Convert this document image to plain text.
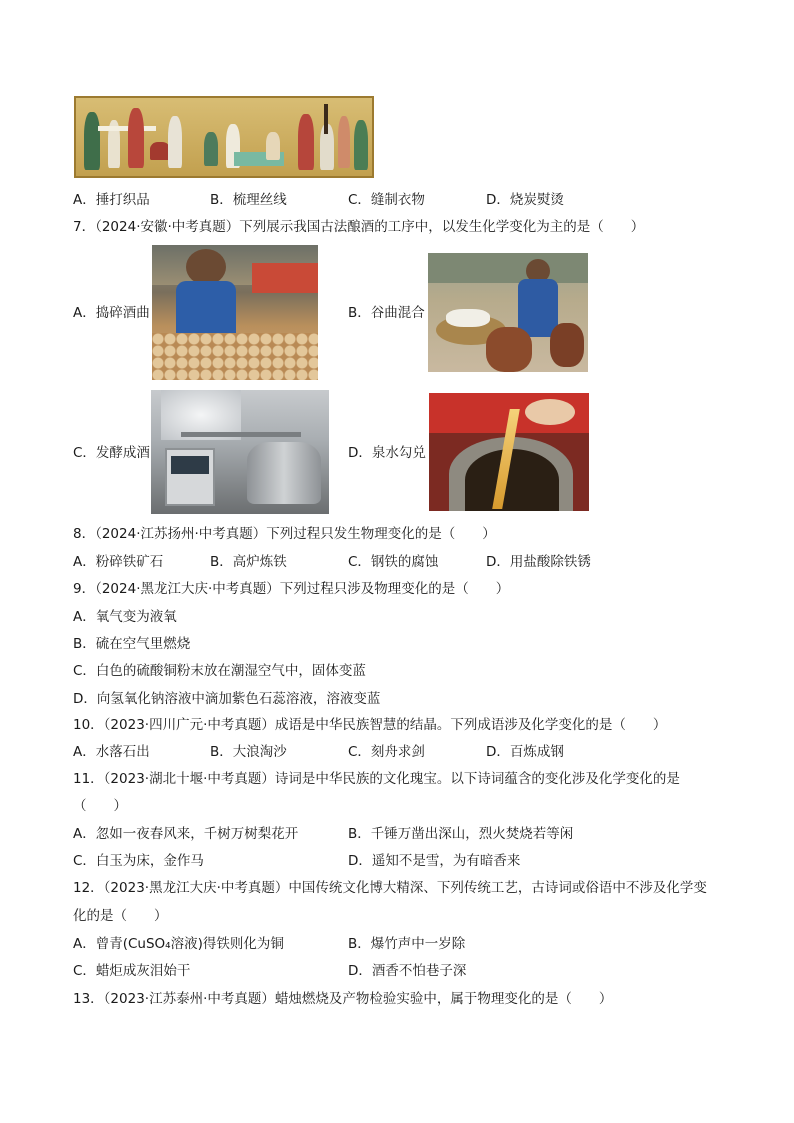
A．捶打织品	B．梳理丝线	C．缝制衣物	D．烧炭熨烫
7．（2024·安徽·中考真题）下列展示我国古法酿酒的工序中，以发生化学变化为主的是（　　）
A．捣碎酒曲	B．谷曲混合
C．发酵成酒	D．泉水勾兑
8．（2024·江苏扬州·中考真题）下列过程只发生物理变化的是（　　）
A．粉碎铁矿石	B．高炉炼铁	C．钢铁的腐蚀	D．用盐酸除铁锈
9．（2024·黑龙江大庆·中考真题）下列过程只涉及物理变化的是（　　）
A．氧气变为液氧
B．硫在空气里燃烧
C．白色的硫酸铜粉末放在潮湿空气中，固体变蓝
D．向氢氧化钠溶液中滴加紫色石蕊溶液，溶液变蓝
10．（2023·四川广元·中考真题）成语是中华民族智慧的结晶。下列成语涉及化学变化的是（　　）
A．水落石出	B．大浪淘沙	C．刻舟求剑	D．百炼成钢
11．（2023·湖北十堰·中考真题）诗词是中华民族的文化瑰宝。以下诗词蕴含的变化涉及化学变化的是
（　　）
A．忽如一夜春风来，千树万树梨花开	B．千锤万凿出深山，烈火焚烧若等闲
C．白玉为床，金作马	D．遥知不是雪，为有暗香来
12．（2023·黑龙江大庆·中考真题）中国传统文化博大精深、下列传统工艺，古诗词或俗语中不涉及化学变
化的是（　　）
A．曾青(CuSO₄溶液)得铁则化为铜	B．爆竹声中一岁除
C．蜡炬成灰泪始干	D．酒香不怕巷子深
13．（2023·江苏泰州·中考真题）蜡烛燃烧及产物检验实验中，属于物理变化的是（　　）
